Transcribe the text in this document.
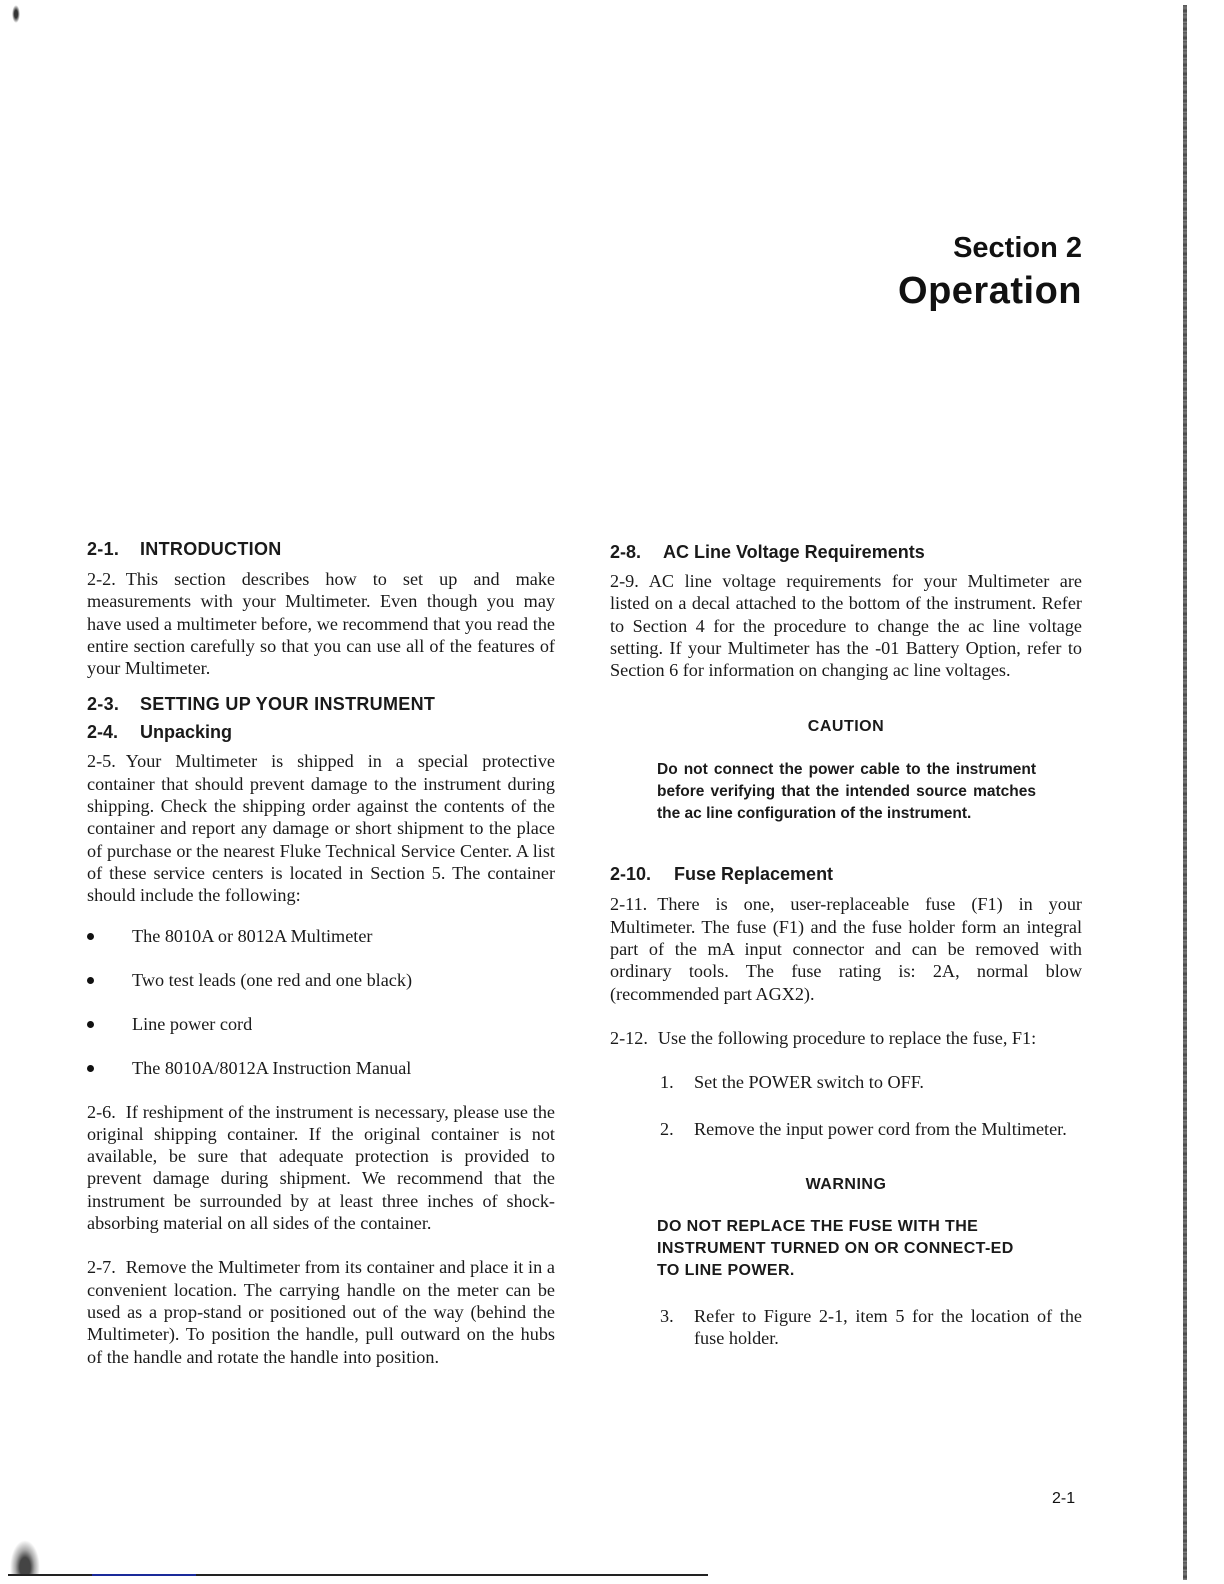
Section 2
Operation
2-1.	INTRODUCTION

2-2. This section describes how to set up and make measurements with your Multimeter. Even though you may have used a multimeter before, we recommend that you read the entire section carefully so that you can use all of the features of your Multimeter.

2-3.	SETTING UP YOUR INSTRUMENT
2-4.	Unpacking

2-5. Your Multimeter is shipped in a special protective container that should prevent damage to the instrument during shipping. Check the shipping order against the contents of the container and report any damage or short shipment to the place of purchase or the nearest Fluke Technical Service Center. A list of these service centers is located in Section 5. The container should include the following:

The 8010A or 8012A Multimeter
Two test leads (one red and one black)
Line power cord
The 8010A/8012A Instruction Manual

2-6. If reshipment of the instrument is necessary, please use the original shipping container. If the original container is not available, be sure that adequate protection is provided to prevent damage during shipment. We recommend that the instrument be surrounded by at least three inches of shock-absorbing material on all sides of the container.

2-7. Remove the Multimeter from its container and place it in a convenient location. The carrying handle on the meter can be used as a prop-stand or positioned out of the way (behind the Multimeter). To position the handle, pull outward on the hubs of the handle and rotate the handle into position.

2-8.	AC Line Voltage Requirements

2-9. AC line voltage requirements for your Multimeter are listed on a decal attached to the bottom of the instrument. Refer to Section 4 for the procedure to change the ac line voltage setting. If your Multimeter has the -01 Battery Option, refer to Section 6 for information on changing ac line voltages.

CAUTION

Do not connect the power cable to the instrument before verifying that the intended source matches the ac line configuration of the instrument.

2-10.	Fuse Replacement

2-11. There is one, user-replaceable fuse (F1) in your Multimeter. The fuse (F1) and the fuse holder form an integral part of the mA input connector and can be removed with ordinary tools. The fuse rating is: 2A, normal blow (recommended part AGX2).

2-12. Use the following procedure to replace the fuse, F1:

1.	Set the POWER switch to OFF.
2.	Remove the input power cord from the Multimeter.

WARNING

DO NOT REPLACE THE FUSE WITH THE INSTRUMENT TURNED ON OR CONNECT-ED TO LINE POWER.

3.	Refer to Figure 2-1, item 5 for the location of the fuse holder.
2-1
